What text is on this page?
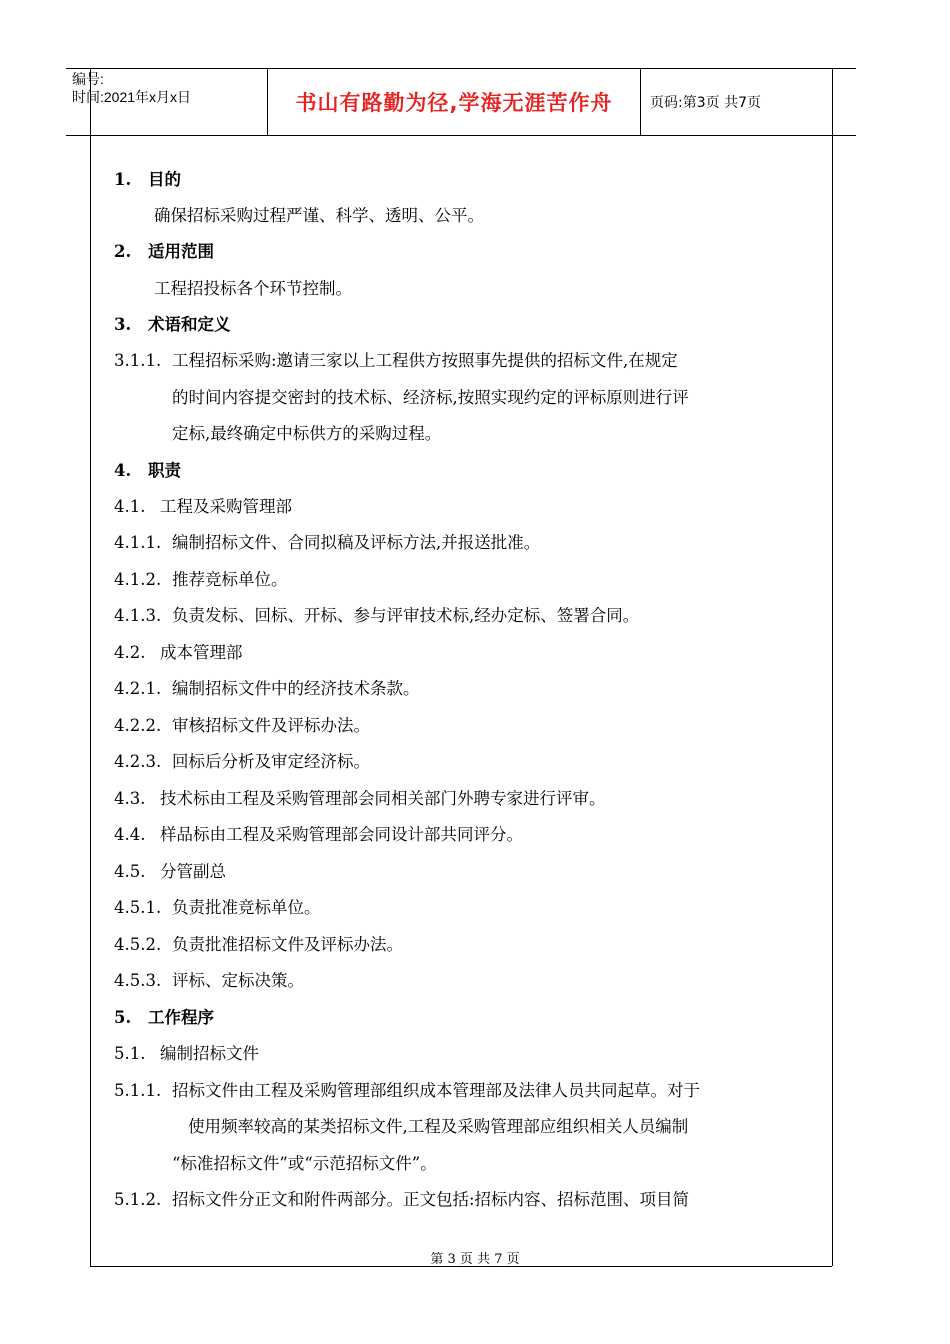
编号:
时间:2021年x月x日	书山有路勤为径,学海无涯苦作舟	页码:第3页 共7页
1. 目的
确保招标采购过程严谨、科学、透明、公平。
2. 适用范围
工程招投标各个环节控制。
3. 术语和定义
3.1.1. 工程招标采购:邀请三家以上工程供方按照事先提供的招标文件,在规定
的时间内容提交密封的技术标、经济标,按照实现约定的评标原则进行评
定标,最终确定中标供方的采购过程。
4. 职责
4.1. 工程及采购管理部
4.1.1. 编制招标文件、合同拟稿及评标方法,并报送批准。
4.1.2. 推荐竞标单位。
4.1.3. 负责发标、回标、开标、参与评审技术标,经办定标、签署合同。
4.2. 成本管理部
4.2.1. 编制招标文件中的经济技术条款。
4.2.2. 审核招标文件及评标办法。
4.2.3. 回标后分析及审定经济标。
4.3. 技术标由工程及采购管理部会同相关部门外聘专家进行评审。
4.4. 样品标由工程及采购管理部会同设计部共同评分。
4.5. 分管副总
4.5.1. 负责批准竞标单位。
4.5.2. 负责批准招标文件及评标办法。
4.5.3. 评标、定标决策。
5. 工作程序
5.1. 编制招标文件
5.1.1. 招标文件由工程及采购管理部组织成本管理部及法律人员共同起草。对于
使用频率较高的某类招标文件,工程及采购管理部应组织相关人员编制
“标准招标文件”或“示范招标文件”。
5.1.2. 招标文件分正文和附件两部分。正文包括:招标内容、招标范围、项目简
第 3 页 共 7 页
